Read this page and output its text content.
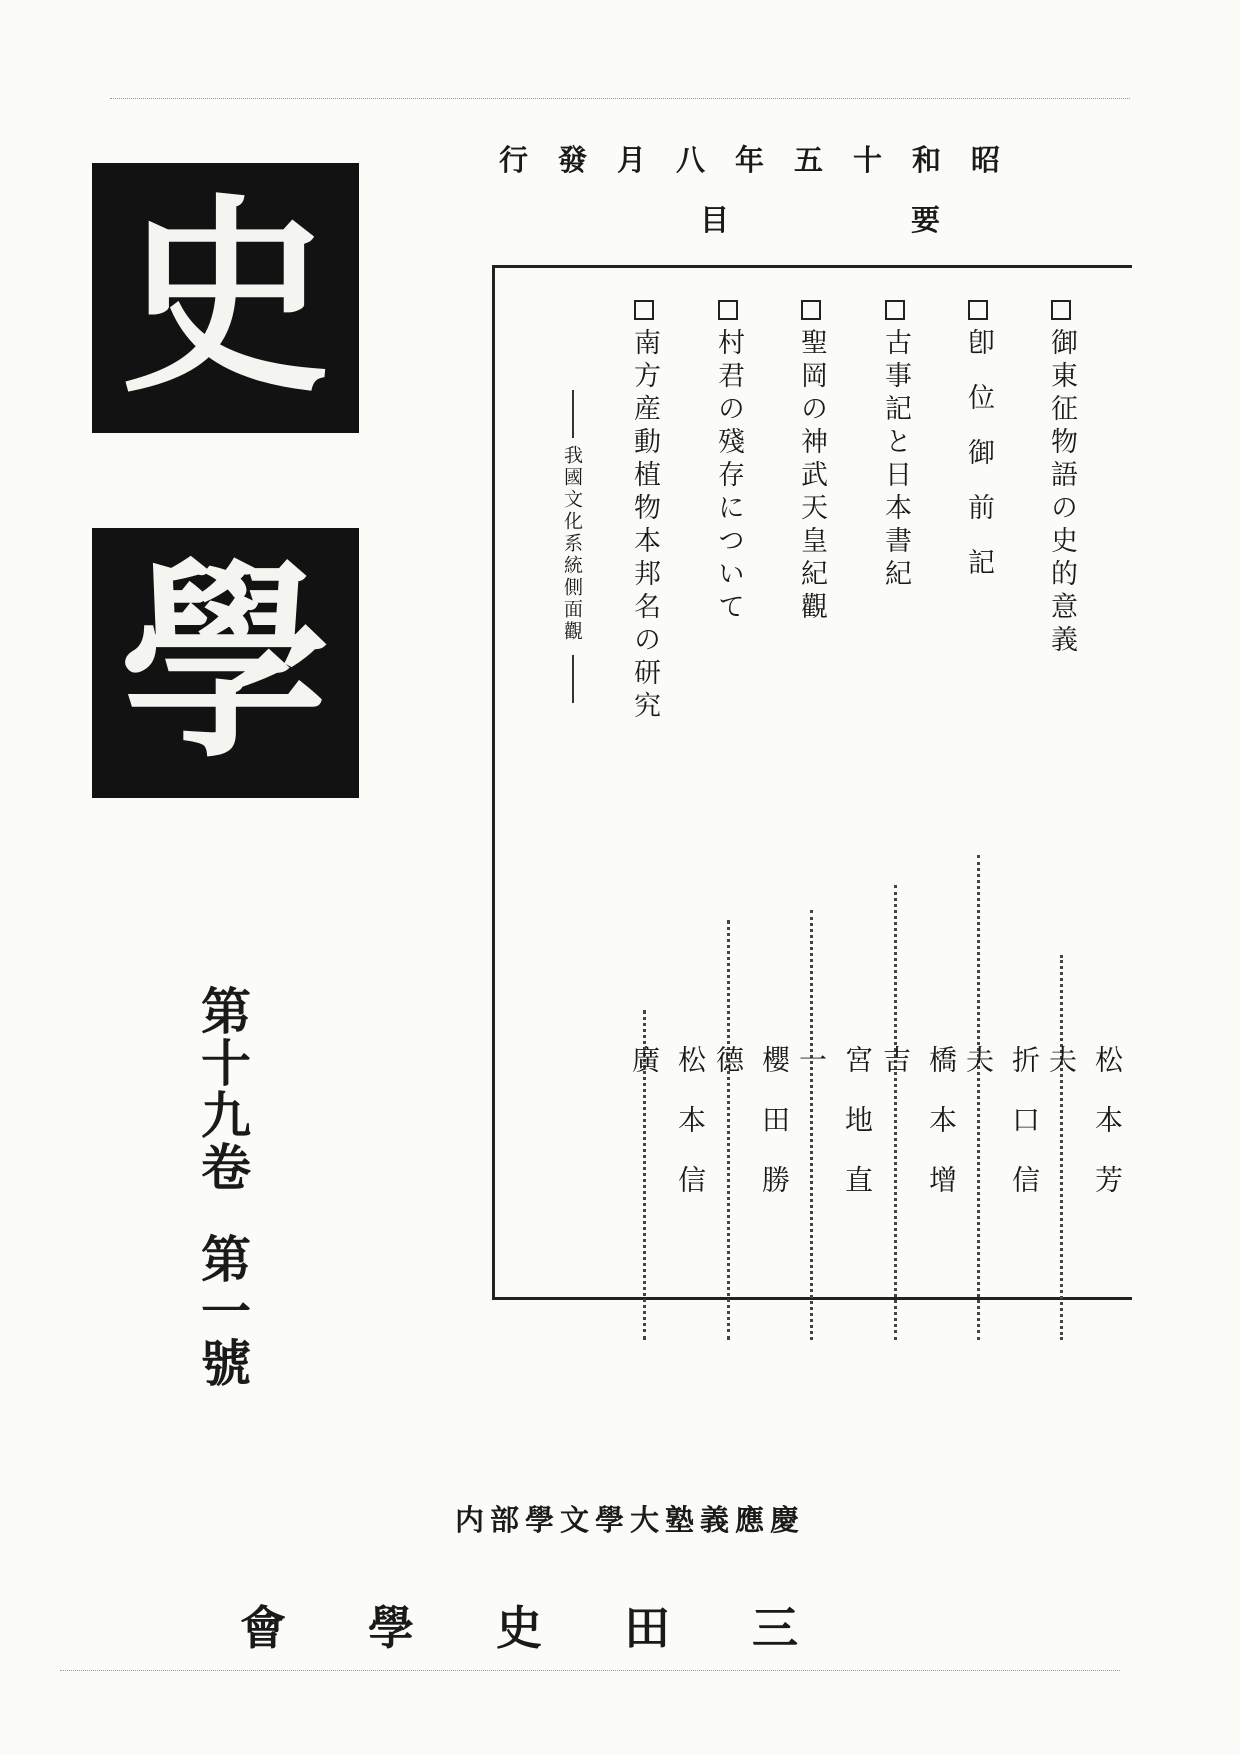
史
學
第十九卷第一號
昭和十五年八月發行
目	要
御東征物語の史的意義
松本芳夫
卽位御前記
折口信夫
古事記と日本書紀
橋本增吉
聖岡の神武天皇紀觀
宮地直一
村君の殘存について
櫻田勝德
南方産動植物本邦名の研究
松本信廣
我國文化系統側面觀
慶應義塾大學文學部内
三田史學會
